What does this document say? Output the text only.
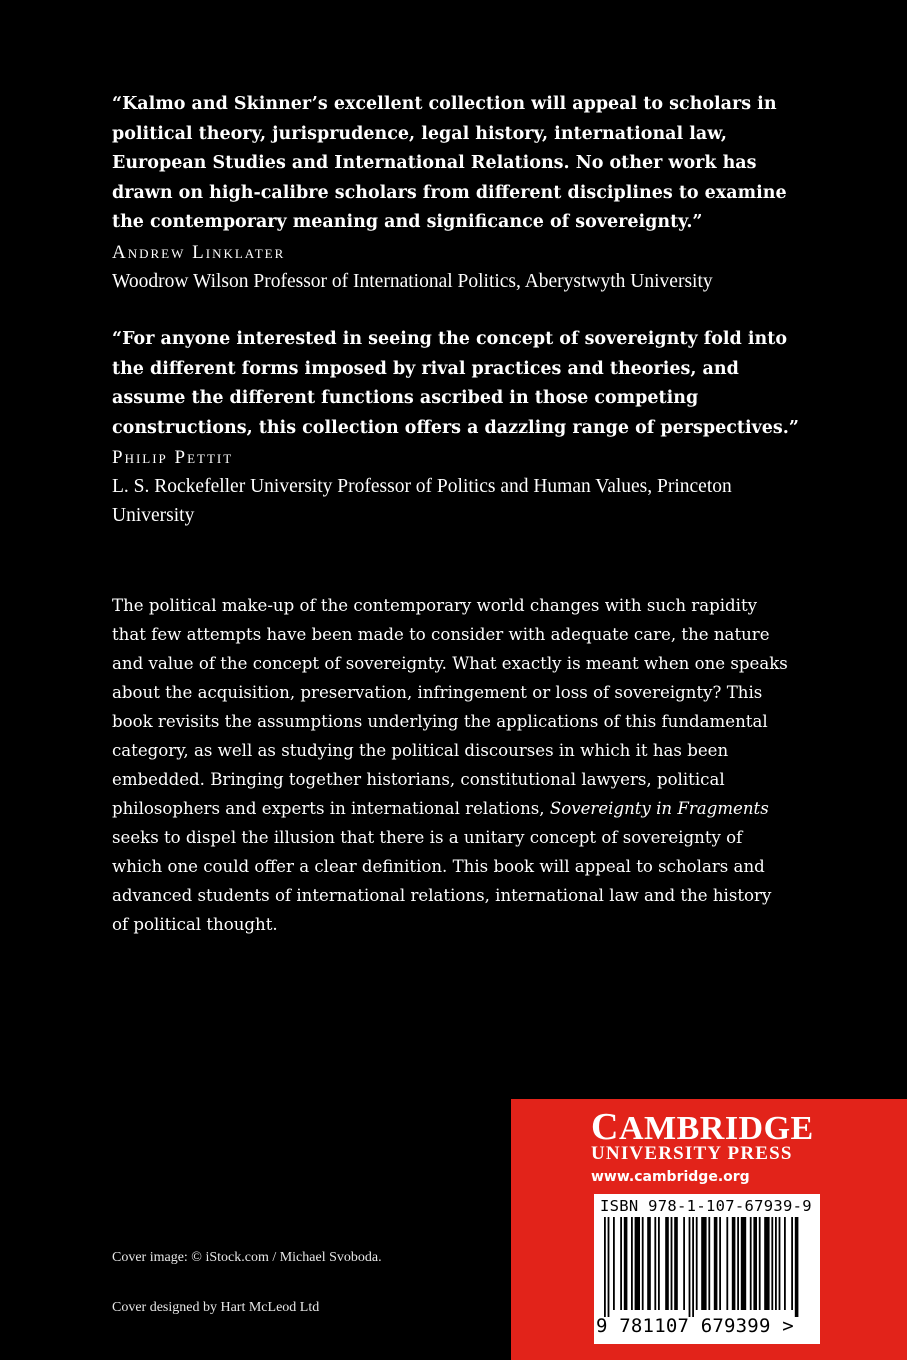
“Kalmo and Skinner’s excellent collection will appeal to scholars in political theory, jurisprudence, legal history, international law, European Studies and International Relations. No other work has drawn on high-calibre scholars from different disciplines to examine the contemporary meaning and significance of sovereignty.”

Andrew Linklater

Woodrow Wilson Professor of International Politics, Aberystwyth University

“For anyone interested in seeing the concept of sovereignty fold into the different forms imposed by rival practices and theories, and assume the different functions ascribed in those competing constructions, this collection offers a dazzling range of perspectives.”

Philip Pettit

L. S. Rockefeller University Professor of Politics and Human Values, Princeton University

The political make-up of the contemporary world changes with such rapidity that few attempts have been made to consider with adequate care, the nature and value of the concept of sovereignty. What exactly is meant when one speaks about the acquisition, preservation, infringement or loss of sovereignty? This book revisits the assumptions underlying the applications of this fundamental category, as well as studying the political discourses in which it has been embedded. Bringing together historians, constitutional lawyers, political philosophers and experts in international relations, Sovereignty in Fragments seeks to dispel the illusion that there is a unitary concept of sovereignty of which one could offer a clear definition. This book will appeal to scholars and advanced students of international relations, international law and the history of political thought.

Cover image: © iStock.com / Michael Svoboda.

Cover designed by Hart McLeod Ltd

CAMBRIDGE
UNIVERSITY PRESS
www.cambridge.org
ISBN 978-1-107-67939-9
9 781107 679399 >
